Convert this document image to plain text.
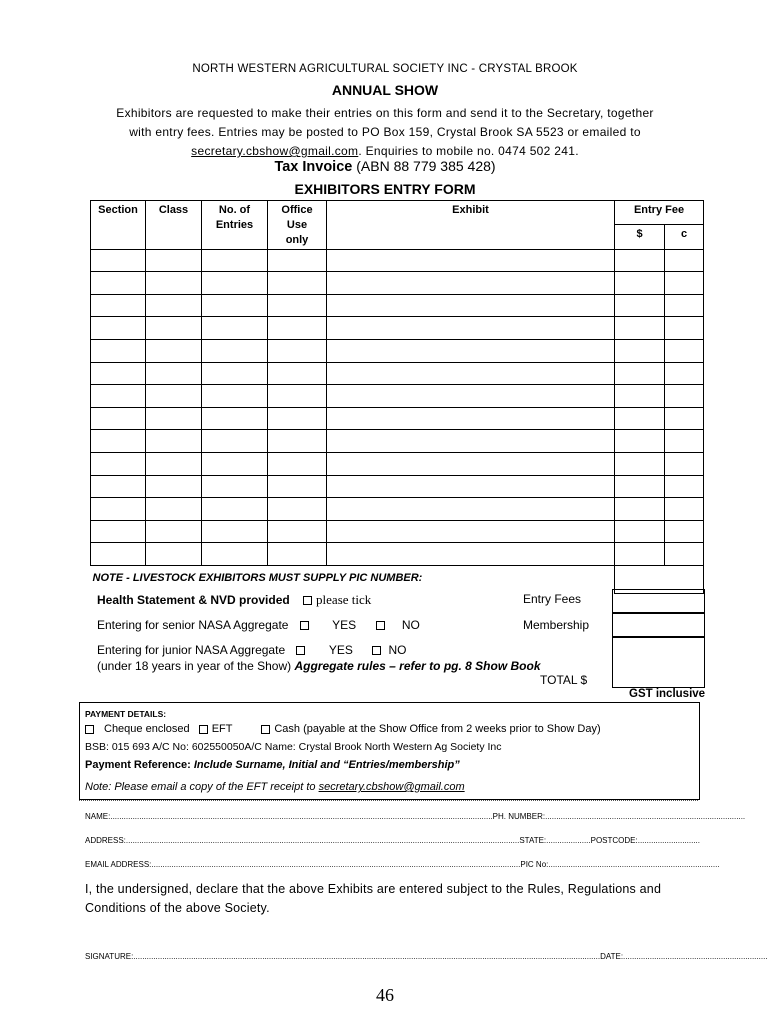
NORTH WESTERN AGRICULTURAL SOCIETY INC - CRYSTAL BROOK
ANNUAL SHOW
Exhibitors are requested to make their entries on this form and send it to the Secretary, together
with entry fees. Entries may be posted to PO Box 159, Crystal Brook SA 5523 or emailed to
secretary.cbshow@gmail.com. Enquiries to mobile no. 0474 502 241.
Tax Invoice (ABN 88 779 385 428)
EXHIBITORS ENTRY FORM
Section	Class	No. of Entries	Office Use only	Exhibit	Entry Fee	
					$	c

NOTE - LIVESTOCK EXHIBITORS MUST SUPPLY PIC NUMBER:						
Health Statement & NVD provided please tick
Entering for senior NASA Aggregate	YES	NO
Entering for junior NASA Aggregate	YES	NO
(under 18 years in year of the Show) Aggregate rules – refer to pg. 8 Show Book
Entry Fees
Membership
TOTAL $
GST inclusive
PAYMENT DETAILS:
Cheque enclosed EFT	Cash (payable at the Show Office from 2 weeks prior to Show Day)
BSB: 015 693 A/C No: 602550050A/C Name: Crystal Brook North Western Ag Society Inc
Payment Reference: Include Surname, Initial and “Entries/membership”
Note: Please email a copy of the EFT receipt to secretary.cbshow@gmail.com
NAME:............................................................................................................................................................................PH. NUMBER:..........................................................................................
ADDRESS:.................................................................................................................................................................................STATE:....................POSTCODE:............................
EMAIL ADDRESS:......................................................................................................................................................................PIC No:.............................................................................
I, the undersigned, declare that the above Exhibits are entered subject to the Rules, Regulations and Conditions of the above Society.
SIGNATURE:..................................................................................................................................................................................................................DATE:.................................................................
46
